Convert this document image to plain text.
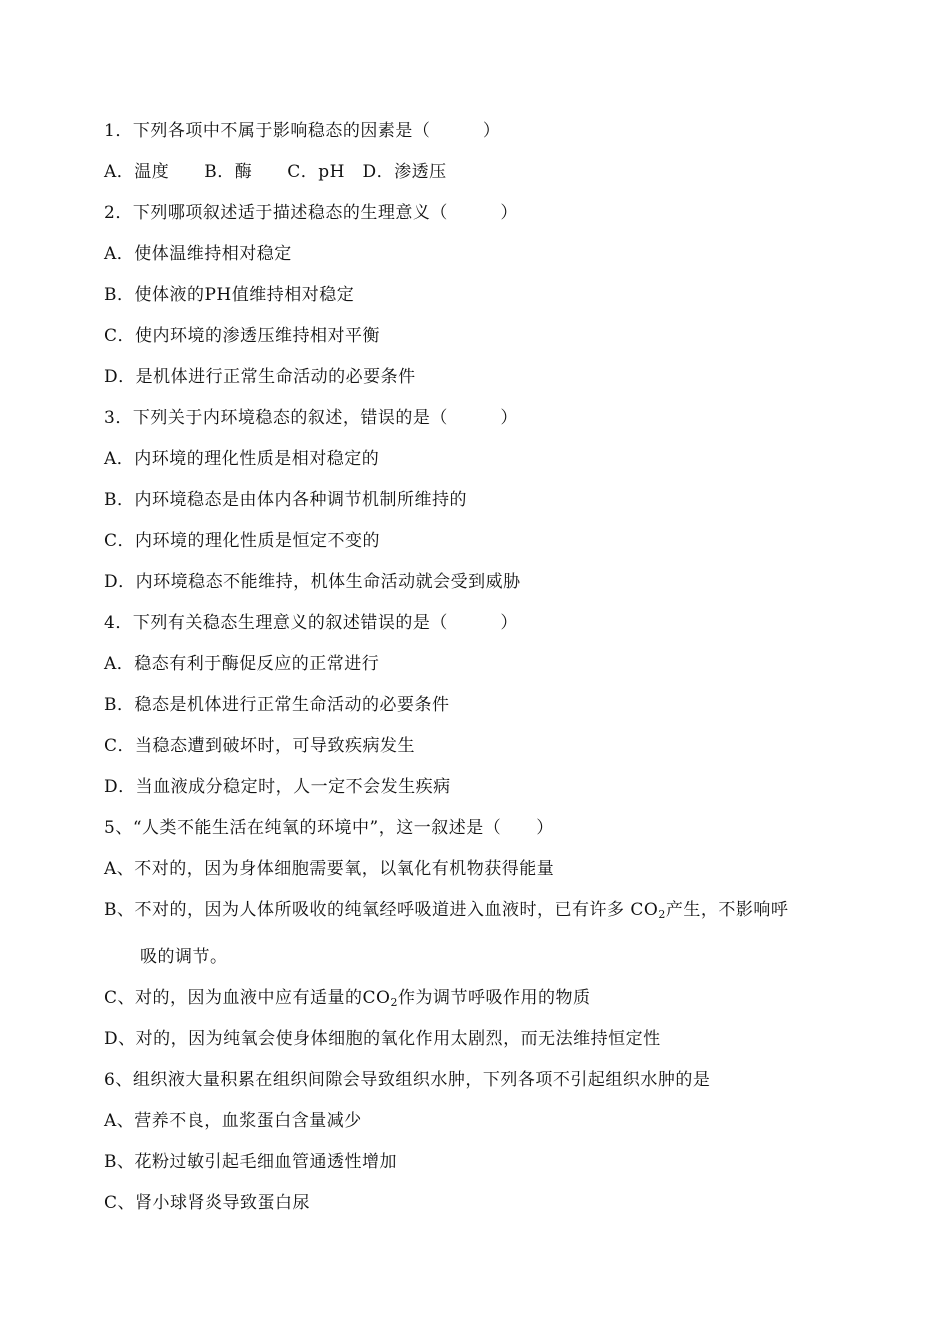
1．下列各项中不属于影响稳态的因素是（　　　）
A．温度　　B．酶　　C．pH　D．渗透压
2．下列哪项叙述适于描述稳态的生理意义（　　　）
A．使体温维持相对稳定
B．使体液的PH值维持相对稳定
C．使内环境的渗透压维持相对平衡
D．是机体进行正常生命活动的必要条件
3．下列关于内环境稳态的叙述，错误的是（　　　）
A．内环境的理化性质是相对稳定的
B．内环境稳态是由体内各种调节机制所维持的
C．内环境的理化性质是恒定不变的
D．内环境稳态不能维持，机体生命活动就会受到威胁
4．下列有关稳态生理意义的叙述错误的是（　　　）
A．稳态有利于酶促反应的正常进行
B．稳态是机体进行正常生命活动的必要条件
C．当稳态遭到破坏时，可导致疾病发生
D．当血液成分稳定时，人一定不会发生疾病
5、“人类不能生活在纯氧的环境中”，这一叙述是（　　）
A、不对的，因为身体细胞需要氧，以氧化有机物获得能量
B、不对的，因为人体所吸收的纯氧经呼吸道进入血液时，已有许多 $CO_2$产生，不影响呼
吸的调节。
C、对的，因为血液中应有适量的$CO_2$作为调节呼吸作用的物质
D、对的，因为纯氧会使身体细胞的氧化作用太剧烈，而无法维持恒定性
6、组织液大量积累在组织间隙会导致组织水肿，下列各项不引起组织水肿的是
A、营养不良，血浆蛋白含量减少
B、花粉过敏引起毛细血管通透性增加
C、肾小球肾炎导致蛋白尿
